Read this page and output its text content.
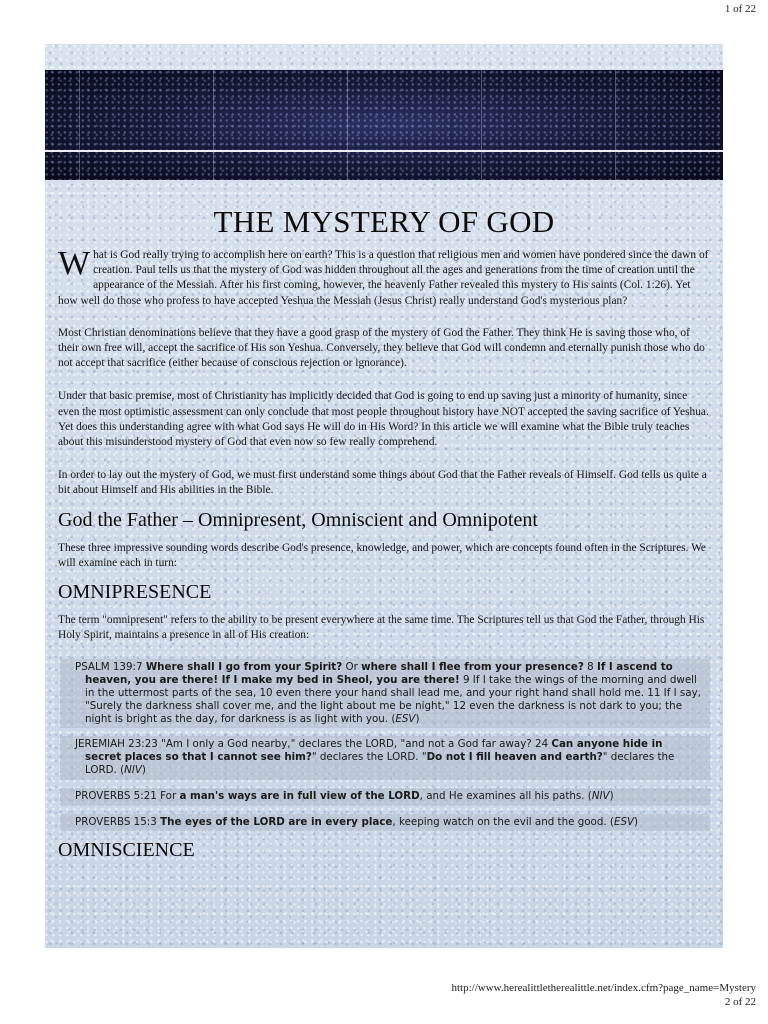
1 of 22
THE MYSTERY OF GOD

What is God really trying to accomplish here on earth? This is a question that religious men and women have pondered since the dawn of creation. Paul tells us that the mystery of God was hidden throughout all the ages and generations from the time of creation until the appearance of the Messiah. After his first coming, however, the heavenly Father revealed this mystery to His saints (Col. 1:26). Yet how well do those who profess to have accepted Yeshua the Messiah (Jesus Christ) really understand God's mysterious plan?

Most Christian denominations believe that they have a good grasp of the mystery of God the Father. They think He is saving those who, of their own free will, accept the sacrifice of His son Yeshua. Conversely, they believe that God will condemn and eternally punish those who do not accept that sacrifice (either because of conscious rejection or ignorance).

Under that basic premise, most of Christianity has implicitly decided that God is going to end up saving just a minority of humanity, since even the most optimistic assessment can only conclude that most people throughout history have NOT accepted the saving sacrifice of Yeshua. Yet does this understanding agree with what God says He will do in His Word? In this article we will examine what the Bible truly teaches about this misunderstood mystery of God that even now so few really comprehend.

In order to lay out the mystery of God, we must first understand some things about God that the Father reveals of Himself. God tells us quite a bit about Himself and His abilities in the Bible.

God the Father – Omnipresent, Omniscient and Omnipotent

These three impressive sounding words describe God's presence, knowledge, and power, which are concepts found often in the Scriptures. We will examine each in turn:

OMNIPRESENCE

The term "omnipresent" refers to the ability to be present everywhere at the same time. The Scriptures tell us that God the Father, through His Holy Spirit, maintains a presence in all of His creation:

PSALM 139:7 Where shall I go from your Spirit? Or where shall I flee from your presence? 8 If I ascend to heaven, you are there! If I make my bed in Sheol, you are there! 9 If I take the wings of the morning and dwell in the uttermost parts of the sea, 10 even there your hand shall lead me, and your right hand shall hold me. 11 If I say, "Surely the darkness shall cover me, and the light about me be night," 12 even the darkness is not dark to you; the night is bright as the day, for darkness is as light with you. (ESV)
JEREMIAH 23:23 "Am I only a God nearby," declares the LORD, "and not a God far away? 24 Can anyone hide in secret places so that I cannot see him?" declares the LORD. "Do not I fill heaven and earth?" declares the LORD. (NIV)
PROVERBS 5:21 For a man's ways are in full view of the LORD, and He examines all his paths. (NIV)
PROVERBS 15:3 The eyes of the LORD are in every place, keeping watch on the evil and the good. (ESV)
OMNISCIENCE
http://www.herealittletherealittle.net/index.cfm?page_name=Mystery
2 of 22
